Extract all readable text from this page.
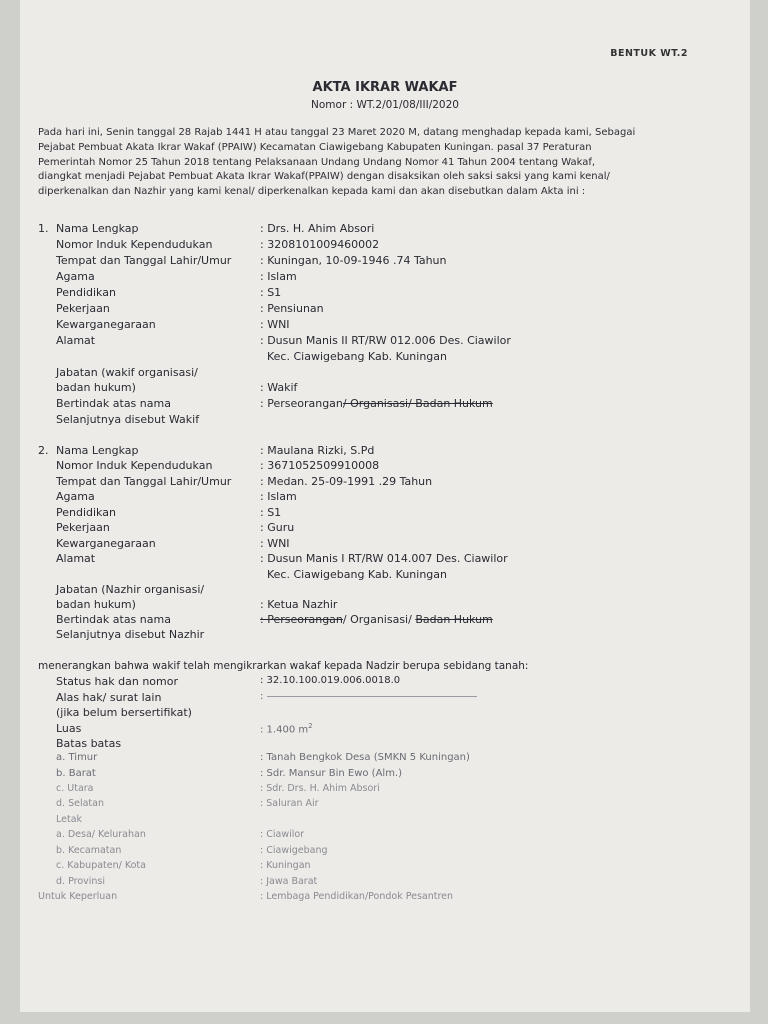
BENTUK WT.2
AKTA IKRAR WAKAF
Nomor : WT.2/01/08/III/2020
Pada hari ini, Senin tanggal 28 Rajab 1441 H atau tanggal 23 Maret 2020 M, datang menghadap kepada kami, Sebagai
Pejabat Pembuat Akata Ikrar Wakaf (PPAIW) Kecamatan Ciawigebang Kabupaten Kuningan. pasal 37 Peraturan
Pemerintah Nomor 25 Tahun 2018 tentang Pelaksanaan Undang Undang Nomor 41 Tahun 2004 tentang Wakaf,
diangkat menjadi Pejabat Pembuat Akata Ikrar Wakaf(PPAIW) dengan disaksikan oleh saksi saksi yang kami kenal/
diperkenalkan dan Nazhir yang kami kenal/ diperkenalkan kepada kami dan akan disebutkan dalam Akta ini :
1. Nama Lengkap	: Drs. H. Ahim Absori
Nomor Induk Kependudukan	: 3208101009460002
Tempat dan Tanggal Lahir/Umur	: Kuningan, 10-09-1946 .74 Tahun
Agama	: Islam
Pendidikan	: S1
Pekerjaan	: Pensiunan
Kewarganegaraan	: WNI
Alamat	: Dusun Manis II RT/RW 012.006 Des. Ciawilor
Kec. Ciawigebang Kab. Kuningan
Jabatan (wakif organisasi/
badan hukum)	: Wakif
Bertindak atas nama	: Perseorangan/ Organisasi/ Badan Hukum
Selanjutnya disebut Wakif
2. Nama Lengkap	: Maulana Rizki, S.Pd
Nomor Induk Kependudukan	: 3671052509910008
Tempat dan Tanggal Lahir/Umur	: Medan. 25-09-1991 .29 Tahun
Agama	: Islam
Pendidikan	: S1
Pekerjaan	: Guru
Kewarganegaraan	: WNI
Alamat	: Dusun Manis I RT/RW 014.007 Des. Ciawilor
Kec. Ciawigebang Kab. Kuningan
Jabatan (Nazhir organisasi/
badan hukum)	: Ketua Nazhir
Bertindak atas nama	: Perseorangan/ Organisasi/ Badan Hukum
Selanjutnya disebut Nazhir
menerangkan bahwa wakif telah mengikrarkan wakaf kepada Nadzir berupa sebidang tanah:
Status hak dan nomor	: 32.10.100.019.006.0018.0
Alas hak/ surat lain	:
(jika belum bersertifikat)
Luas	: 1.400 $m^2$
Batas batas
a. Timur	: Tanah Bengkok Desa (SMKN 5 Kuningan)
b. Barat	: Sdr. Mansur Bin Ewo (Alm.)
c. Utara	: Sdr. Drs. H. Ahim Absori
d. Selatan	: Saluran Air
Letak
a. Desa/ Kelurahan	: Ciawilor
b. Kecamatan	: Ciawigebang
c. Kabupaten/ Kota	: Kuningan
d. Provinsi	: Jawa Barat
Untuk Keperluan	: Lembaga Pendidikan/Pondok Pesantren
